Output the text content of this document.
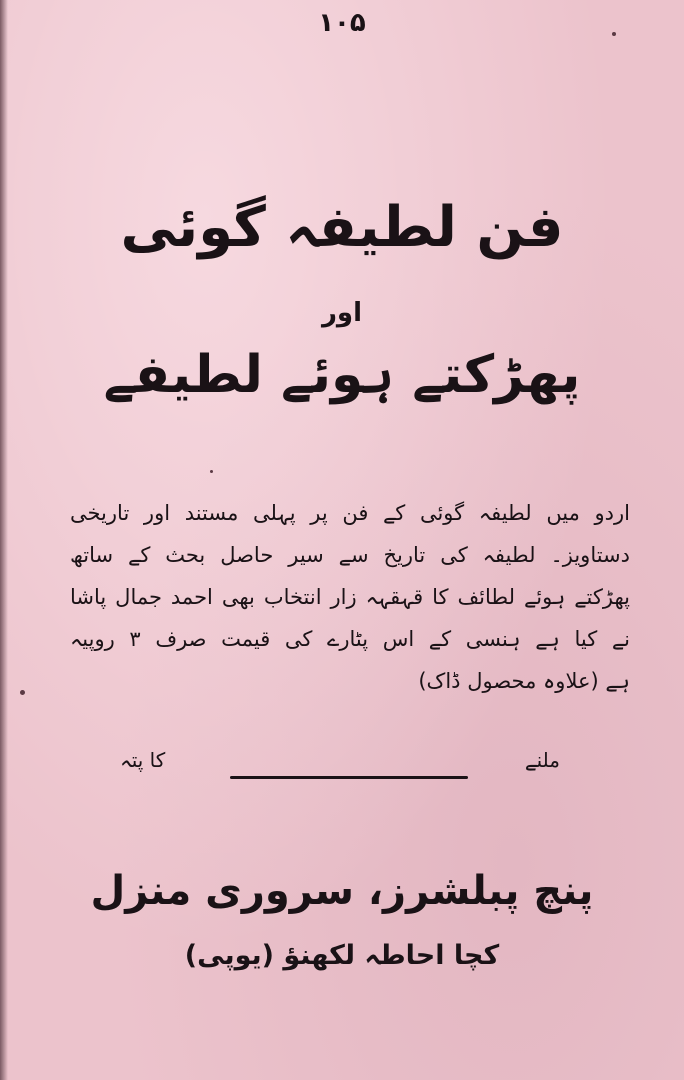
۱۰۵
فن لطیفہ گوئی
اور
پھڑکتے ہوئے لطیفے
اردو میں لطیفہ گوئی کے فن پر پہلی مستند اور تاریخی
دستاویز۔ لطیفہ کی تاریخ سے سیر حاصل بحث کے ساتھ
پھڑکتے ہوئے لطائف کا قہقہہ زار انتخاب بھی احمد جمال پاشا
نے کیا ہے ہنسی کے اس پٹارے کی قیمت صرف ۳ روپیہ
ہے (علاوہ محصول ڈاک)
ملنے
کا پتہ
پنچ پبلشرز، سروری منزل
کچا احاطہ لکھنؤ (یوپی)
